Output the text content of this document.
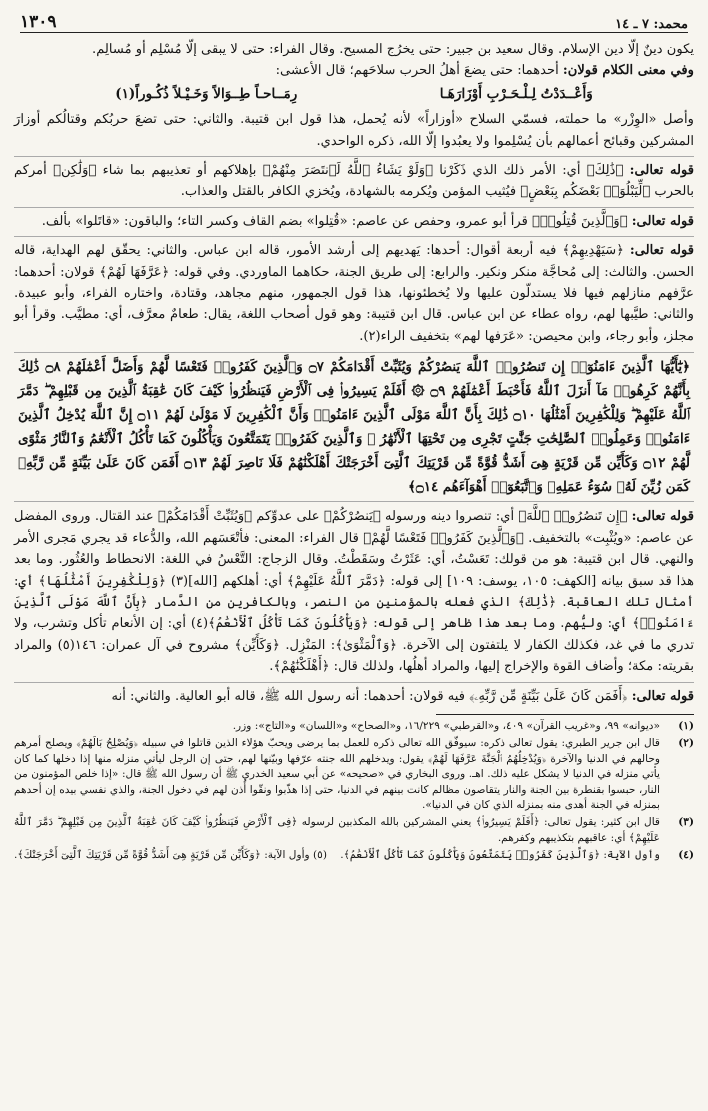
محمد: ٧ ـ ١٤
١٣٠٩

يكون دينٌ إلّا دين الإسلام. وقال سعيد بن جبير: حتى يخرُج المسيح. وقال الفراء: حتى لا يبقى إلّا مُسْلِم أو مُسالِم.

وفي معنى الكلام قولان: أحدهما: حتى يضعَ أهلُ الحرب سلاحَهم؛ قال الأعشى:

وَأَعْــدَدْتُ لِـلْـحَـرْبِ أَوْزَارَهَـا
رِمَــاحـاً طِــوَالاً وَخَـيْـلاً ذُكُـوراً(١)

وأصل «الوِزْر» ما حملته، فسمّي السلاح «أوزاراً» لأنه يُحمل، هذا قول ابن قتيبة. والثاني: حتى تضعَ حربُكم وقتالُكم أوزارَ المشركين وقبائح أعمالهم بأن يُسْلِموا ولا يعبُدوا إلّا الله، ذكره الواحدي.

قوله تعالى: ﴿ذَٰلِكَ﴾ أي: الأمر ذلك الذي ذَكَرْنا ﴿وَلَوْ يَشَاءُ ٱللَّهُ لَٱنتَصَرَ مِنْهُمْ﴾ بإهلاكهم أو تعذيبهم بما شاء ﴿وَلَٰكِن﴾ أمركم بالحرب ﴿لِّيَبْلُوَا۟ بَعْضَكُم بِبَعْضٍ﴾ فيُثيب المؤمن ويُكرمه بالشهادة، ويُخزي الكافر بالقتل والعذاب.

قوله تعالى: ﴿وَٱلَّذِينَ قُتِلُوا۟﴾ قرأ أبو عمرو، وحفص عن عاصم: «قُتِلوا» بضم القاف وكسر التاء؛ والباقون: «قاتَلوا» بألف.

قوله تعالى: ﴿سَيَهْدِيهِمْ﴾ فيه أربعة أقوال: أحدها: يَهديهم إلى أرشد الأمور، قاله ابن عباس. والثاني: يحقّق لهم الهداية، قاله الحسن. والثالث: إلى مُحاجَّة منكر ونكير. والرابع: إلى طريق الجنة، حكاهما الماوردي. وفي قوله: ﴿عَرَّفَهَا لَهُمْ﴾ قولان: أحدهما: عرَّفهم منازلهم فيها فلا يستدلّون عليها ولا يُخطئونها، هذا قول الجمهور، منهم مجاهد، وقتادة، واختاره الفراء، وأبو عبيدة. والثاني: طيَّبها لهم، رواه عطاء عن ابن عباس. قال ابن قتيبة: وهو قول أصحاب اللغة، يقال: طعامٌ معرَّف، أي: مطيَّب. وقرأ أبو مجلز، وأبو رجاء، وابن محيصن: «عَرَفها لهم» بتخفيف الراء(٢).

﴿يَٰٓأَيُّهَا ٱلَّذِينَ ءَامَنُوٓا۟ إِن تَنصُرُوا۟ ٱللَّهَ يَنصُرْكُمْ وَيُثَبِّتْ أَقْدَامَكُمْ ۝٧ وَٱلَّذِينَ كَفَرُوا۟ فَتَعْسًا لَّهُمْ وَأَضَلَّ أَعْمَٰلَهُمْ ۝٨ ذَٰلِكَ بِأَنَّهُمْ كَرِهُوا۟ مَآ أَنزَلَ ٱللَّهُ فَأَحْبَطَ أَعْمَٰلَهُمْ ۝٩ ۞ أَفَلَمْ يَسِيرُوا۟ فِى ٱلْأَرْضِ فَيَنظُرُوا۟ كَيْفَ كَانَ عَٰقِبَةُ ٱلَّذِينَ مِن قَبْلِهِمْ ۖ دَمَّرَ ٱللَّهُ عَلَيْهِمْ ۖ وَلِلْكَٰفِرِينَ أَمْثَٰلُهَا ۝١٠ ذَٰلِكَ بِأَنَّ ٱللَّهَ مَوْلَى ٱلَّذِينَ ءَامَنُوا۟ وَأَنَّ ٱلْكَٰفِرِينَ لَا مَوْلَىٰ لَهُمْ ۝١١ إِنَّ ٱللَّهَ يُدْخِلُ ٱلَّذِينَ ءَامَنُوا۟ وَعَمِلُوا۟ ٱلصَّٰلِحَٰتِ جَنَّٰتٍ تَجْرِى مِن تَحْتِهَا ٱلْأَنْهَٰرُ ۖ وَٱلَّذِينَ كَفَرُوا۟ يَتَمَتَّعُونَ وَيَأْكُلُونَ كَمَا تَأْكُلُ ٱلْأَنْعَٰمُ وَٱلنَّارُ مَثْوًى لَّهُمْ ۝١٢ وَكَأَيِّن مِّن قَرْيَةٍ هِىَ أَشَدُّ قُوَّةً مِّن قَرْيَتِكَ ٱلَّتِىٓ أَخْرَجَتْكَ أَهْلَكْنَٰهُمْ فَلَا نَاصِرَ لَهُمْ ۝١٣ أَفَمَن كَانَ عَلَىٰ بَيِّنَةٍ مِّن رَّبِّهِۦ كَمَن زُيِّنَ لَهُۥ سُوٓءُ عَمَلِهِۦ وَٱتَّبَعُوٓا۟ أَهْوَآءَهُم ۝١٤﴾

قوله تعالى: ﴿إِن تَنصُرُوا۟ ٱللَّهَ﴾ أي: تنصروا دينه ورسوله ﴿يَنصُرْكُمْ﴾ على عدوِّكم ﴿وَيُثَبِّتْ أَقْدَامَكُمْ﴾ عند القتال. وروى المفضل عن عاصم: «ويُثْبِت» بالتخفيف. ﴿وَٱلَّذِينَ كَفَرُوا۟ فَتَعْسًا لَّهُمْ﴾ قال الفراء: المعنى: فأتْعَسَهم الله، والدُّعاء قد يجري مَجرى الأمر والنهي. قال ابن قتيبة: هو من قولك: تَعَسْتُ، أي: عَثَرْتُ وسَقَطْتُ. وقال الزجاج: التَّعْسُ في اللغة: الانحطاط والعُثُور. وما بعد هذا قد سبق بيانه [الكهف: ١٠٥، يوسف: ١٠٩] إلى قوله: ﴿دَمَّرَ ٱللَّهُ عَلَيْهِمْ﴾ أي: أهلكهم [الله](٣) ﴿وَلِلْكَٰفِرِينَ أَمْثَٰلُهَا﴾ أي: أمثال تلك العاقبة. ﴿ذَٰلِكَ﴾ الذي فعله بالمؤمنين من النصر، وبالكافرين من الدَّمار ﴿بِأَنَّ ٱللَّهَ مَوْلَى ٱلَّذِينَ ءَامَنُوا۟﴾ أي: وليُّهم. وما بعد هذا ظاهر إلى قوله: ﴿وَيَأْكُلُونَ كَمَا تَأْكُلُ ٱلْأَنْعَٰمُ﴾(٤) أي: إن الأنعام تأكل وتشرب، ولا تدري ما في غد، فكذلك الكفار لا يلتفتون إلى الآخرة. ﴿وَٱلْمَثْوَىٰ﴾: المَنْزِل. ﴿وَكَأَيِّن﴾ مشروح في آل عمران: ١٤٦(٥) والمراد بقريته: مكة؛ وأضاف القوة والإخراج إليها، والمراد أهلُها، ولذلك قال: ﴿أَهْلَكْنَٰهُمْ﴾.

قوله تعالى: ﴿أَفَمَن كَانَ عَلَىٰ بَيِّنَةٍ مِّن رَّبِّهِۦ﴾ فيه قولان: أحدهما: أنه رسول الله ﷺ، قاله أبو العالية. والثاني: أنه

(١)
«ديوانه» ٩٩، و«غريب القرآن» ٤٠٩، و«القرطبي» ١٦/٢٢٩، و«الصحاح» و«اللسان» و«التاج»: وزر.
(٢)
قال ابن جرير الطبري: يقول تعالى ذكره: سيوفّق الله تعالى ذكره للعمل بما يرضى ويحبّ هؤلاء الذين قاتلوا في سبيله ﴿وَيُصْلِحُ بَالَهُمْ﴾ ويصلح أمرهم وحالهم في الدنيا والآخرة ﴿وَيُدْخِلُهُمُ ٱلْجَنَّةَ عَرَّفَهَا لَهُمْ﴾ يقول: ويدخلهم الله جنته عرّفها وبيّنها لهم، حتى إن الرجل ليأتي منزله منها إذا دخلها كما كان يأتي منزله في الدنيا لا يشكل عليه ذلك. اهـ. وروى البخاري في «صحيحه» عن أبي سعيد الخدري ﷺ أن رسول الله ﷺ قال: «إذا خلص المؤمنون من النار، حبسوا بقنطرة بين الجنة والنار يتقاصون مظالم كانت بينهم في الدنيا، حتى إذا هذّبوا ونقّوا أُذن لهم في دخول الجنة، والذي نفسي بيده إن أحدهم بمنزله في الجنة أهدى منه بمنزله الذي كان في الدنيا».
(٣)
قال ابن كثير: يقول تعالى: ﴿أَفَلَمْ يَسِيرُوا۟﴾ يعني المشركين بالله المكذبين لرسوله ﴿فِى ٱلْأَرْضِ فَيَنظُرُوا۟ كَيْفَ كَانَ عَٰقِبَةُ ٱلَّذِينَ مِن قَبْلِهِمْ ۖ دَمَّرَ ٱللَّهُ عَلَيْهِمْ﴾ أي: عاقبهم بتكذيبهم وكفرهم.
(٤)
وأول الآية: ﴿وَٱلَّذِينَ كَفَرُوا۟ يَتَمَتَّعُونَ وَيَأْكُلُونَ كَمَا تَأْكُلُ ٱلْأَنْعَٰمُ﴾.
(٥) وأول الآية: ﴿وَكَأَيِّن مِّن قَرْيَةٍ هِىَ أَشَدُّ قُوَّةً مِّن قَرْيَتِكَ ٱلَّتِىٓ أَخْرَجَتْكَ﴾.
